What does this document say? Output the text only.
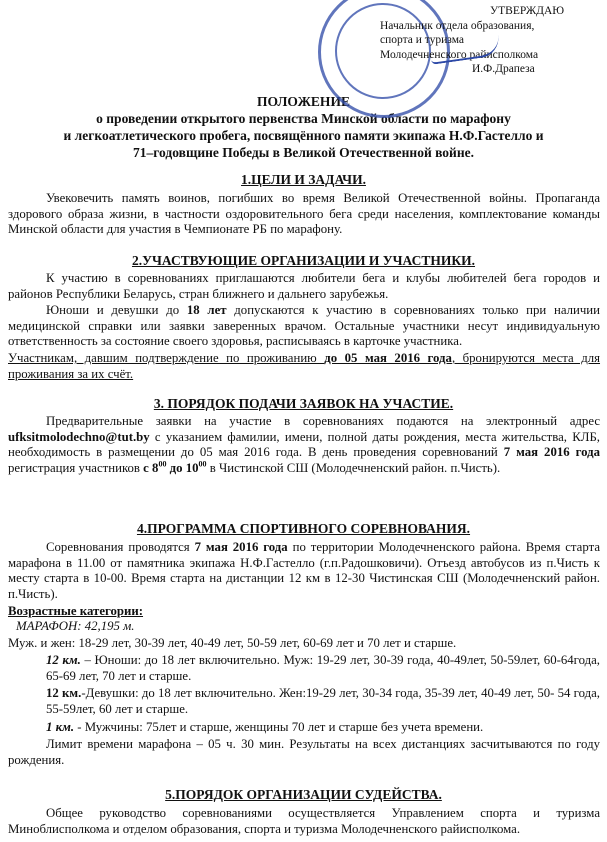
УТВЕРЖДАЮ
Начальник отдела образования,
спорта и туризма
Молодечненского райисполкома
И.Ф.Драпеза
ПОЛОЖЕНИЕ
о проведении открытого первенства Минской области по марафону
и легкоатлетического пробега, посвящённого памяти экипажа Н.Ф.Гастелло и
71–годовщине Победы в Великой Отечественной войне.
1.ЦЕЛИ И ЗАДАЧИ.
Увековечить память воинов, погибших во время Великой Отечественной войны. Пропаганда здорового образа жизни, в частности оздоровительного бега среди населения, комплектование команды Минской области для участия в Чемпионате РБ по марафону.
2.УЧАСТВУЮЩИЕ ОРГАНИЗАЦИИ И УЧАСТНИКИ.
К участию в соревнованиях приглашаются любители бега и клубы любителей бега городов и районов Республики Беларусь, стран ближнего и дальнего зарубежья.
Юноши и девушки до 18 лет допускаются к участию в соревнованиях только при наличии медицинской справки или заявки заверенных врачом. Остальные участники несут индивидуальную ответственность за состояние своего здоровья, расписываясь в карточке участника.
Участникам, давшим подтверждение по проживанию до 05 мая 2016 года, бронируются места для проживания за их счёт.
3. ПОРЯДОК ПОДАЧИ ЗАЯВОК НА УЧАСТИЕ.
Предварительные заявки на участие в соревнованиях подаются на электронный адрес ufksitmolodechno@tut.by с указанием фамилии, имени, полной даты рождения, места жительства, КЛБ, необходимость в размещении до 05 мая 2016 года. В день проведения соревнований 7 мая 2016 года регистрация участников с $8^{00}$ до $10^{00}$ в Чистинской СШ (Молодечненский район. п.Чисть).
4.ПРОГРАММА СПОРТИВНОГО СОРЕВНОВАНИЯ.
Соревнования проводятся 7 мая 2016 года по территории Молодечненского района. Время старта марафона в 11.00 от памятника экипажа Н.Ф.Гастелло (г.п.Радошковичи). Отъезд автобусов из п.Чисть к месту старта в 10-00. Время старта на дистанции 12 км в 12-30 Чистинская СШ (Молодечненский район. п.Чисть).
Возрастные категории:
МАРАФОН: 42,195 м.
Муж. и жен: 18-29 лет, 30-39 лет, 40-49 лет, 50-59 лет, 60-69 лет и 70 лет и старше.
12 км. – Юноши: до 18 лет включительно. Муж: 19-29 лет, 30-39 года, 40-49лет, 50-59лет, 60-64года, 65-69 лет, 70 лет и старше.
12 км.-Девушки: до 18 лет включительно. Жен:19-29 лет, 30-34 года, 35-39 лет, 40-49 лет, 50- 54 года, 55-59лет, 60 лет и старше.
1 км. - Мужчины: 75лет и старше, женщины 70 лет и старше без учета времени.
Лимит времени марафона – 05 ч. 30 мин. Результаты на всех дистанциях засчитываются по году рождения.
5.ПОРЯДОК ОРГАНИЗАЦИИ СУДЕЙСТВА.
Общее руководство соревнованиями осуществляется Управлением спорта и туризма Миноблисполкома и отделом образования, спорта и туризма Молодечненского райисполкома.
